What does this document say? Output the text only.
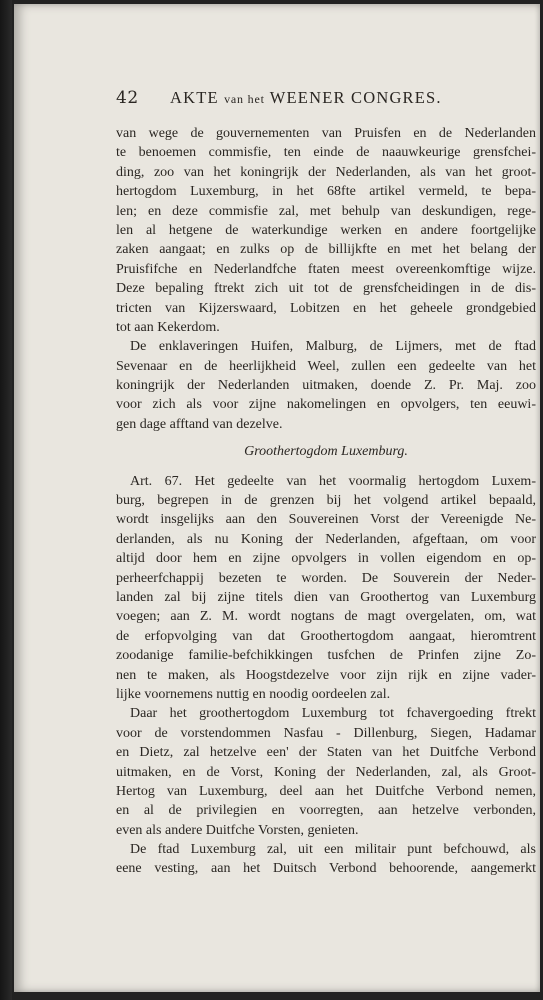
42	AKTE van het WEENER CONGRES.
van wege de gouvernementen van Pruisfen en de Nederlanden
te benoemen commisfie, ten einde de naauwkeurige grensfchei-
ding, zoo van het koningrijk der Nederlanden, als van het groot-
hertogdom Luxemburg, in het 68fte artikel vermeld, te bepa-
len; en deze commisfie zal, met behulp van deskundigen, rege-
len al hetgene de waterkundige werken en andere foortgelijke
zaken aangaat; en zulks op de billijkfte en met het belang der
Pruisfifche en Nederlandfche ftaten meest overeenkomftige wijze.
Deze bepaling ftrekt zich uit tot de grensfcheidingen in de dis-
tricten van Kijzerswaard, Lobitzen en het geheele grondgebied
tot aan Kekerdom.
De enklaveringen Huifen, Malburg, de Lijmers, met de ftad
Sevenaar en de heerlijkheid Weel, zullen een gedeelte van het
koningrijk der Nederlanden uitmaken, doende Z. Pr. Maj. zoo
voor zich als voor zijne nakomelingen en opvolgers, ten eeuwi-
gen dage afftand van dezelve.
Groothertogdom Luxemburg.
Art. 67. Het gedeelte van het voormalig hertogdom Luxem-
burg, begrepen in de grenzen bij het volgend artikel bepaald,
wordt insgelijks aan den Souvereinen Vorst der Vereenigde Ne-
derlanden, als nu Koning der Nederlanden, afgeftaan, om voor
altijd door hem en zijne opvolgers in vollen eigendom en op-
perheerfchappij bezeten te worden. De Souverein der Neder-
landen zal bij zijne titels dien van Groothertog van Luxemburg
voegen; aan Z. M. wordt nogtans de magt overgelaten, om, wat
de erfopvolging van dat Groothertogdom aangaat, hieromtrent
zoodanige familie-befchikkingen tusfchen de Prinfen zijne Zo-
nen te maken, als Hoogstdezelve voor zijn rijk en zijne vader-
lijke voornemens nuttig en noodig oordeelen zal.
Daar het groothertogdom Luxemburg tot fchavergoeding ftrekt
voor de vorstendommen Nasfau - Dillenburg, Siegen, Hadamar
en Dietz, zal hetzelve een' der Staten van het Duitfche Verbond
uitmaken, en de Vorst, Koning der Nederlanden, zal, als Groot-
Hertog van Luxemburg, deel aan het Duitfche Verbond nemen,
en al de privilegien en voorregten, aan hetzelve verbonden,
even als andere Duitfche Vorsten, genieten.
De ftad Luxemburg zal, uit een militair punt befchouwd, als
eene vesting, aan het Duitsch Verbond behoorende, aangemerkt
